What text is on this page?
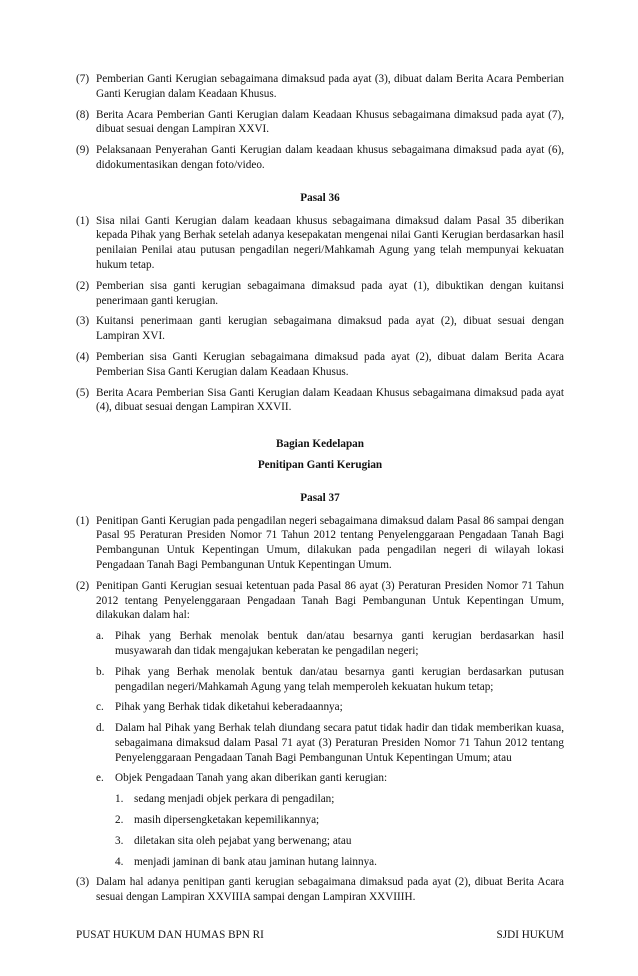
(7) Pemberian Ganti Kerugian sebagaimana dimaksud pada ayat (3), dibuat dalam Berita Acara Pemberian Ganti Kerugian dalam Keadaan Khusus.
(8) Berita Acara Pemberian Ganti Kerugian dalam Keadaan Khusus sebagaimana dimaksud pada ayat (7), dibuat sesuai dengan Lampiran XXVI.
(9) Pelaksanaan Penyerahan Ganti Kerugian dalam keadaan khusus sebagaimana dimaksud pada ayat (6), didokumentasikan dengan foto/video.
Pasal 36
(1) Sisa nilai Ganti Kerugian dalam keadaan khusus sebagaimana dimaksud dalam Pasal 35 diberikan kepada Pihak yang Berhak setelah adanya kesepakatan mengenai nilai Ganti Kerugian berdasarkan hasil penilaian Penilai atau putusan pengadilan negeri/Mahkamah Agung yang telah mempunyai kekuatan hukum tetap.
(2) Pemberian sisa ganti kerugian sebagaimana dimaksud pada ayat (1), dibuktikan dengan kuitansi penerimaan ganti kerugian.
(3) Kuitansi penerimaan ganti kerugian sebagaimana dimaksud pada ayat (2), dibuat sesuai dengan Lampiran XVI.
(4) Pemberian sisa Ganti Kerugian sebagaimana dimaksud pada ayat (2), dibuat dalam Berita Acara Pemberian Sisa Ganti Kerugian dalam Keadaan Khusus.
(5) Berita Acara Pemberian Sisa Ganti Kerugian dalam Keadaan Khusus sebagaimana dimaksud pada ayat (4), dibuat sesuai dengan Lampiran XXVII.
Bagian Kedelapan
Penitipan Ganti Kerugian
Pasal 37
(1) Penitipan Ganti Kerugian pada pengadilan negeri sebagaimana dimaksud dalam Pasal 86 sampai dengan Pasal 95 Peraturan Presiden Nomor 71 Tahun 2012 tentang Penyelenggaraan Pengadaan Tanah Bagi Pembangunan Untuk Kepentingan Umum, dilakukan pada pengadilan negeri di wilayah lokasi Pengadaan Tanah Bagi Pembangunan Untuk Kepentingan Umum.
(2) Penitipan Ganti Kerugian sesuai ketentuan pada Pasal 86 ayat (3) Peraturan Presiden Nomor 71 Tahun 2012 tentang Penyelenggaraan Pengadaan Tanah Bagi Pembangunan Untuk Kepentingan Umum, dilakukan dalam hal:
a. Pihak yang Berhak menolak bentuk dan/atau besarnya ganti kerugian berdasarkan hasil musyawarah dan tidak mengajukan keberatan ke pengadilan negeri;
b. Pihak yang Berhak menolak bentuk dan/atau besarnya ganti kerugian berdasarkan putusan pengadilan negeri/Mahkamah Agung yang telah memperoleh kekuatan hukum tetap;
c. Pihak yang Berhak tidak diketahui keberadaannya;
d. Dalam hal Pihak yang Berhak telah diundang secara patut tidak hadir dan tidak memberikan kuasa, sebagaimana dimaksud dalam Pasal 71 ayat (3) Peraturan Presiden Nomor 71 Tahun 2012 tentang Penyelenggaraan Pengadaan Tanah Bagi Pembangunan Untuk Kepentingan Umum; atau
e. Objek Pengadaan Tanah yang akan diberikan ganti kerugian:
1. sedang menjadi objek perkara di pengadilan;
2. masih dipersengketakan kepemilikannya;
3. diletakan sita oleh pejabat yang berwenang; atau
4. menjadi jaminan di bank atau jaminan hutang lainnya.
(3) Dalam hal adanya penitipan ganti kerugian sebagaimana dimaksud pada ayat (2), dibuat Berita Acara sesuai dengan Lampiran XXVIIIA sampai dengan Lampiran XXVIIIH.
PUSAT HUKUM DAN HUMAS BPN RI	SJDI HUKUM
